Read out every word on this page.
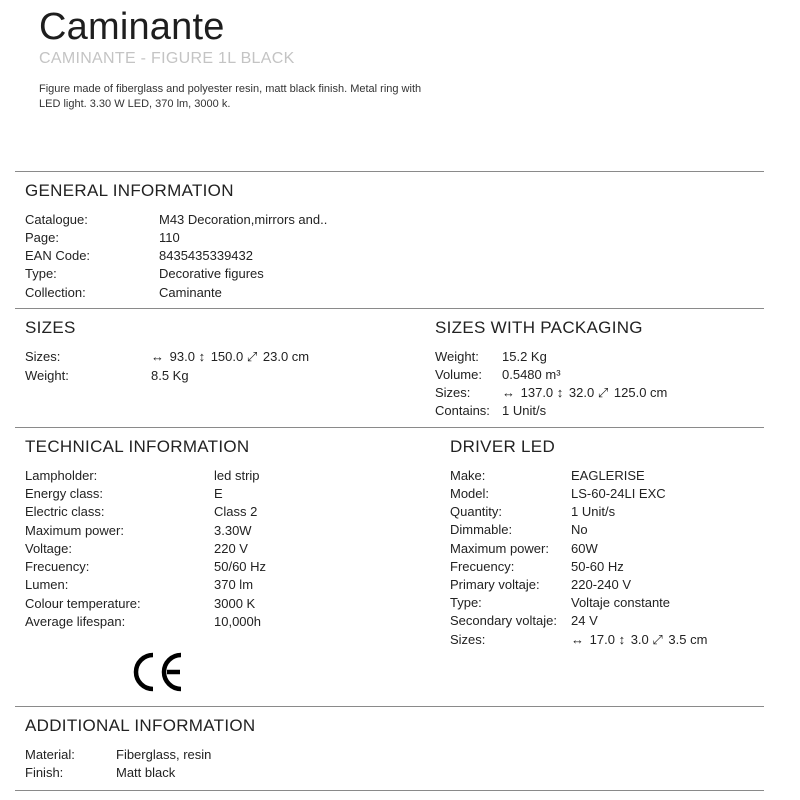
Caminante
CAMINANTE - FIGURE 1L BLACK
Figure made of fiberglass and polyester resin, matt black finish. Metal ring with LED light. 3.30 W LED, 370 lm, 3000 k.
GENERAL INFORMATION
Catalogue:	M43 Decoration,mirrors and..
Page:	110
EAN Code:	8435435339432
Type:	Decorative figures
Collection:	Caminante
SIZES
Sizes:	↔ 93.0 ↕ 150.0 ⤢ 23.0 cm
Weight:	8.5 Kg
SIZES WITH PACKAGING
Weight: 15.2 Kg
Volume: 0.5480 m³
Sizes: ↔ 137.0 ↕ 32.0 ⤢ 125.0 cm
Contains: 1 Unit/s
TECHNICAL INFORMATION
Lampholder:	led strip
Energy class:	E
Electric class:	Class 2
Maximum power:	3.30W
Voltage:	220 V
Frecuency:	50/60 Hz
Lumen:	370 lm
Colour temperature:	3000 K
Average lifespan:	10,000h
DRIVER LED
Make:	EAGLERISE
Model:	LS-60-24LI EXC
Quantity:	1 Unit/s
Dimmable:	No
Maximum power: 60W
Frecuency:	50-60 Hz
Primary voltaje: 220-240 V
Type:	Voltaje constante
Secondary voltaje: 24 V
Sizes:	↔ 17.0 ↕ 3.0 ⤢ 3.5 cm
ADDITIONAL INFORMATION
Material:	Fiberglass, resin
Finish:	Matt black
